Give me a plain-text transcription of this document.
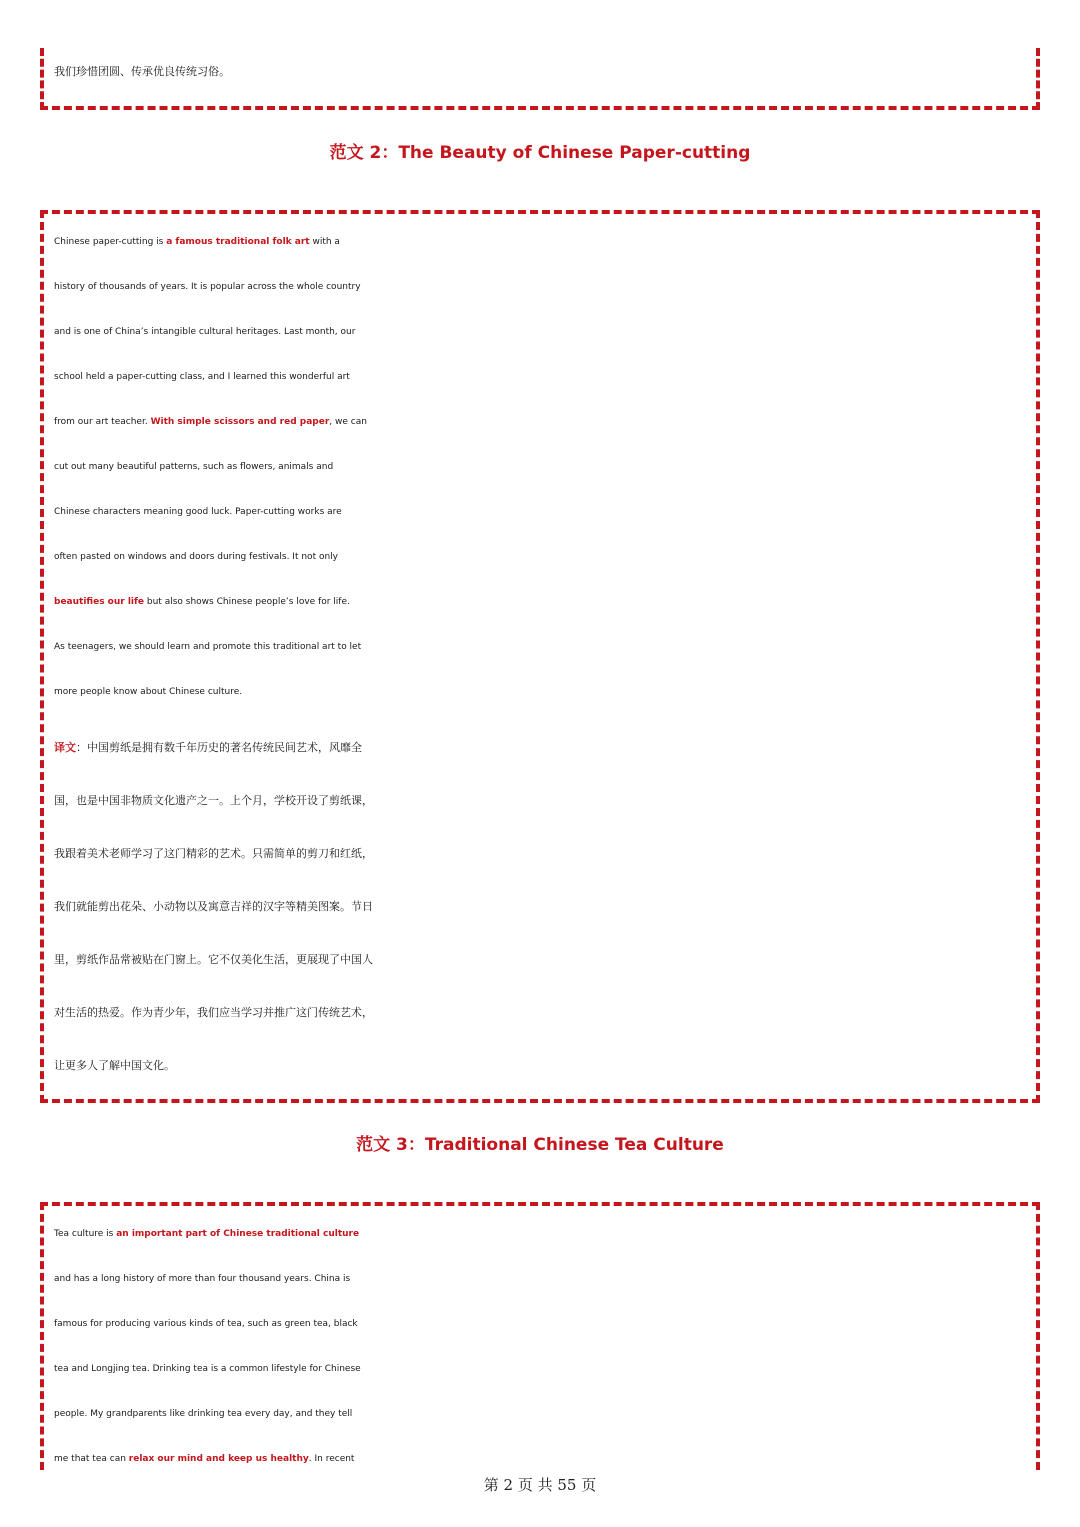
我们珍惜团圆、传承优良传统习俗。
范文 2：The Beauty of Chinese Paper-cutting
Chinese paper-cutting is a famous traditional folk art with a
history of thousands of years. It is popular across the whole country
and is one of China’s intangible cultural heritages. Last month, our
school held a paper-cutting class, and I learned this wonderful art
from our art teacher. With simple scissors and red paper, we can
cut out many beautiful patterns, such as flowers, animals and
Chinese characters meaning good luck. Paper-cutting works are
often pasted on windows and doors during festivals. It not only
beautifies our life but also shows Chinese people’s love for life.
As teenagers, we should learn and promote this traditional art to let
more people know about Chinese culture.
译文：中国剪纸是拥有数千年历史的著名传统民间艺术，风靡全
国，也是中国非物质文化遗产之一。上个月，学校开设了剪纸课，
我跟着美术老师学习了这门精彩的艺术。只需简单的剪刀和红纸，
我们就能剪出花朵、小动物以及寓意吉祥的汉字等精美图案。节日
里，剪纸作品常被贴在门窗上。它不仅美化生活，更展现了中国人
对生活的热爱。作为青少年，我们应当学习并推广这门传统艺术，
让更多人了解中国文化。
范文 3：Traditional Chinese Tea Culture
Tea culture is an important part of Chinese traditional culture
and has a long history of more than four thousand years. China is
famous for producing various kinds of tea, such as green tea, black
tea and Longjing tea. Drinking tea is a common lifestyle for Chinese
people. My grandparents like drinking tea every day, and they tell
me that tea can relax our mind and keep us healthy. In recent
第 2 页 共 55 页
